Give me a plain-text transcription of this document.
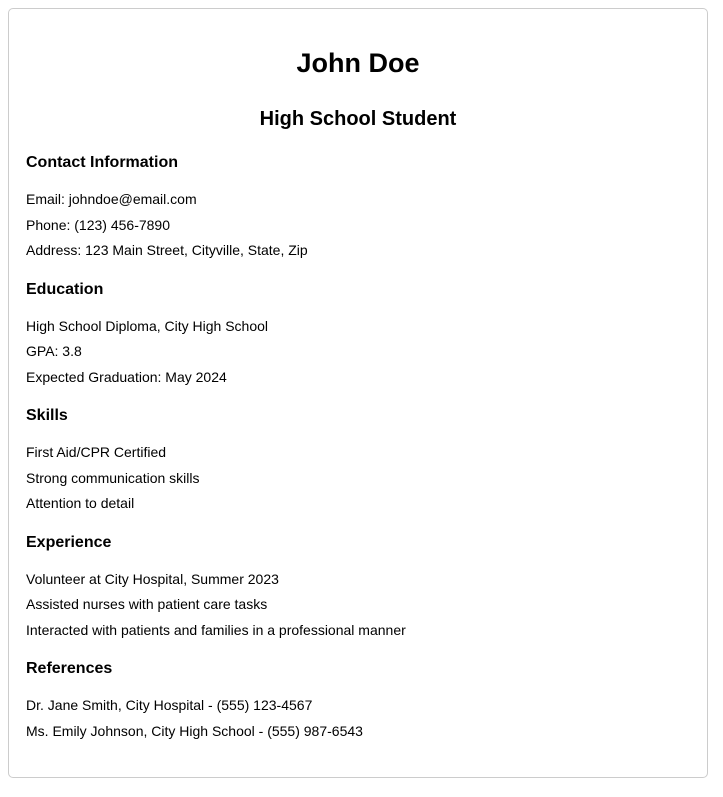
John Doe
High School Student
Contact Information
Email: johndoe@email.com
Phone: (123) 456-7890
Address: 123 Main Street, Cityville, State, Zip
Education
High School Diploma, City High School
GPA: 3.8
Expected Graduation: May 2024
Skills
First Aid/CPR Certified
Strong communication skills
Attention to detail
Experience
Volunteer at City Hospital, Summer 2023
Assisted nurses with patient care tasks
Interacted with patients and families in a professional manner
References
Dr. Jane Smith, City Hospital - (555) 123-4567
Ms. Emily Johnson, City High School - (555) 987-6543
